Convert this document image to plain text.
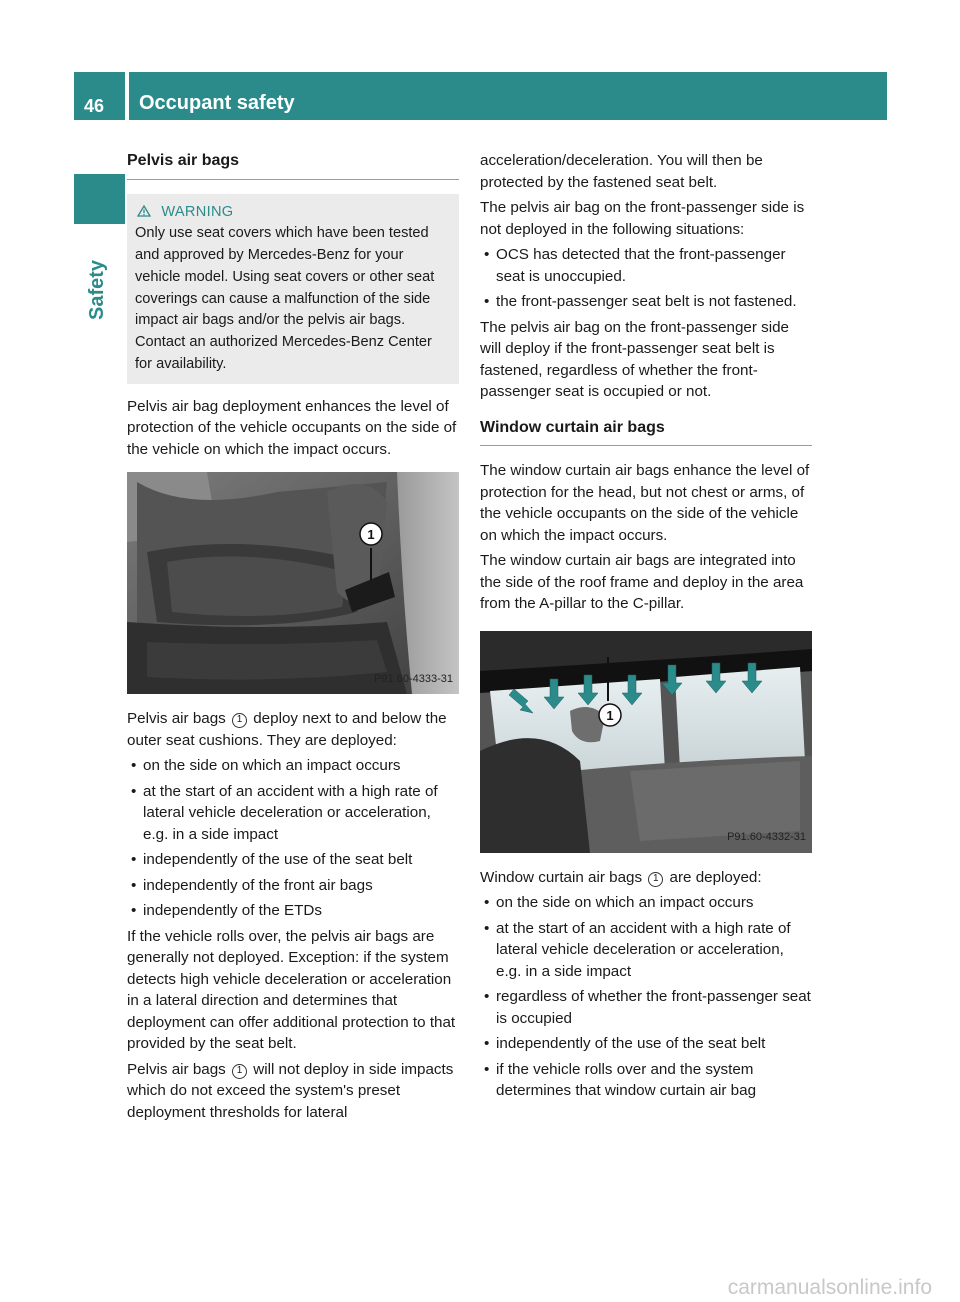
46	Occupant safety
Safety
Pelvis air bags
WARNING
Only use seat covers which have been tested and approved by Mercedes-Benz for your vehicle model. Using seat covers or other seat coverings can cause a malfunction of the side impact air bags and/or the pelvis air bags. Contact an authorized Mercedes-Benz Center for availability.

Pelvis air bag deployment enhances the level of protection of the vehicle occupants on the side of the vehicle on which the impact occurs.

1
P91.60-4333-31

Pelvis air bags 1 deploy next to and below the outer seat cushions. They are deployed:

• on the side on which an impact occurs
• at the start of an accident with a high rate of lateral vehicle deceleration or acceleration, e.g. in a side impact
• independently of the use of the seat belt
• independently of the front air bags
• independently of the ETDs

If the vehicle rolls over, the pelvis air bags are generally not deployed. Exception: if the system detects high vehicle deceleration or acceleration in a lateral direction and determines that deployment can offer additional protection to that provided by the seat belt.

Pelvis air bags 1 will not deploy in side impacts which do not exceed the system's preset deployment thresholds for lateral

acceleration/deceleration. You will then be protected by the fastened seat belt.

The pelvis air bag on the front-passenger side is not deployed in the following situations:

• OCS has detected that the front-passenger seat is unoccupied.
• the front-passenger seat belt is not fastened.

The pelvis air bag on the front-passenger side will deploy if the front-passenger seat belt is fastened, regardless of whether the front-passenger seat is occupied or not.

Window curtain air bags

The window curtain air bags enhance the level of protection for the head, but not chest or arms, of the vehicle occupants on the side of the vehicle on which the impact occurs.

The window curtain air bags are integrated into the side of the roof frame and deploy in the area from the A-pillar to the C-pillar.

1
P91.60-4332-31

Window curtain air bags 1 are deployed:

• on the side on which an impact occurs
• at the start of an accident with a high rate of lateral vehicle deceleration or acceleration, e.g. in a side impact
• regardless of whether the front-passenger seat is occupied
• independently of the use of the seat belt
• if the vehicle rolls over and the system determines that window curtain air bag
carmanualsonline.info
